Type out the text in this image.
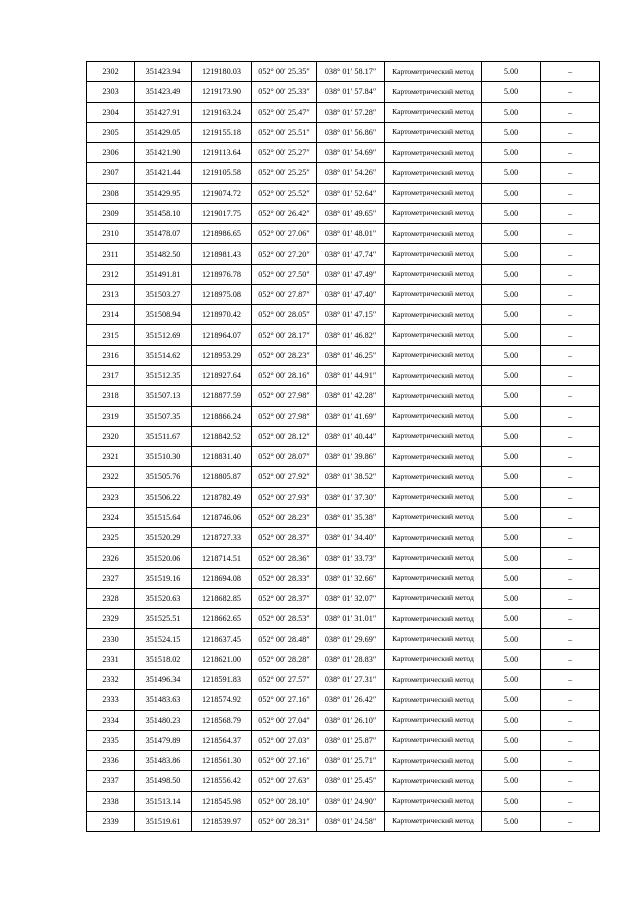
2302	351423.94	1219180.03	052° 00′ 25.35″	038° 01′ 58.17″	Картометрический метод	5.00	–
2303	351423.49	1219173.90	052° 00′ 25.33″	038° 01′ 57.84″	Картометрический метод	5.00	–
2304	351427.91	1219163.24	052° 00′ 25.47″	038° 01′ 57.28″	Картометрический метод	5.00	–
2305	351429.05	1219155.18	052° 00′ 25.51″	038° 01′ 56.86″	Картометрический метод	5.00	–
2306	351421.90	1219113.64	052° 00′ 25.27″	038° 01′ 54.69″	Картометрический метод	5.00	–
2307	351421.44	1219105.58	052° 00′ 25.25″	038° 01′ 54.26″	Картометрический метод	5.00	–
2308	351429.95	1219074.72	052° 00′ 25.52″	038° 01′ 52.64″	Картометрический метод	5.00	–
2309	351458.10	1219017.75	052° 00′ 26.42″	038° 01′ 49.65″	Картометрический метод	5.00	–
2310	351478.07	1218986.65	052° 00′ 27.06″	038° 01′ 48.01″	Картометрический метод	5.00	–
2311	351482.50	1218981.43	052° 00′ 27.20″	038° 01′ 47.74″	Картометрический метод	5.00	–
2312	351491.81	1218976.78	052° 00′ 27.50″	038° 01′ 47.49″	Картометрический метод	5.00	–
2313	351503.27	1218975.08	052° 00′ 27.87″	038° 01′ 47.40″	Картометрический метод	5.00	–
2314	351508.94	1218970.42	052° 00′ 28.05″	038° 01′ 47.15″	Картометрический метод	5.00	–
2315	351512.69	1218964.07	052° 00′ 28.17″	038° 01′ 46.82″	Картометрический метод	5.00	–
2316	351514.62	1218953.29	052° 00′ 28.23″	038° 01′ 46.25″	Картометрический метод	5.00	–
2317	351512.35	1218927.64	052° 00′ 28.16″	038° 01′ 44.91″	Картометрический метод	5.00	–
2318	351507.13	1218877.59	052° 00′ 27.98″	038° 01′ 42.28″	Картометрический метод	5.00	–
2319	351507.35	1218866.24	052° 00′ 27.98″	038° 01′ 41.69″	Картометрический метод	5.00	–
2320	351511.67	1218842.52	052° 00′ 28.12″	038° 01′ 40.44″	Картометрический метод	5.00	–
2321	351510.30	1218831.40	052° 00′ 28.07″	038° 01′ 39.86″	Картометрический метод	5.00	–
2322	351505.76	1218805.87	052° 00′ 27.92″	038° 01′ 38.52″	Картометрический метод	5.00	–
2323	351506.22	1218782.49	052° 00′ 27.93″	038° 01′ 37.30″	Картометрический метод	5.00	–
2324	351515.64	1218746.06	052° 00′ 28.23″	038° 01′ 35.38″	Картометрический метод	5.00	–
2325	351520.29	1218727.33	052° 00′ 28.37″	038° 01′ 34.40″	Картометрический метод	5.00	–
2326	351520.06	1218714.51	052° 00′ 28.36″	038° 01′ 33.73″	Картометрический метод	5.00	–
2327	351519.16	1218694.08	052° 00′ 28.33″	038° 01′ 32.66″	Картометрический метод	5.00	–
2328	351520.63	1218682.85	052° 00′ 28.37″	038° 01′ 32.07″	Картометрический метод	5.00	–
2329	351525.51	1218662.65	052° 00′ 28.53″	038° 01′ 31.01″	Картометрический метод	5.00	–
2330	351524.15	1218637.45	052° 00′ 28.48″	038° 01′ 29.69″	Картометрический метод	5.00	–
2331	351518.02	1218621.00	052° 00′ 28.28″	038° 01′ 28.83″	Картометрический метод	5.00	–
2332	351496.34	1218591.83	052° 00′ 27.57″	038° 01′ 27.31″	Картометрический метод	5.00	–
2333	351483.63	1218574.92	052° 00′ 27.16″	038° 01′ 26.42″	Картометрический метод	5.00	–
2334	351480.23	1218568.79	052° 00′ 27.04″	038° 01′ 26.10″	Картометрический метод	5.00	–
2335	351479.89	1218564.37	052° 00′ 27.03″	038° 01′ 25.87″	Картометрический метод	5.00	–
2336	351483.86	1218561.30	052° 00′ 27.16″	038° 01′ 25.71″	Картометрический метод	5.00	–
2337	351498.50	1218556.42	052° 00′ 27.63″	038° 01′ 25.45″	Картометрический метод	5.00	–
2338	351513.14	1218545.98	052° 00′ 28.10″	038° 01′ 24.90″	Картометрический метод	5.00	–
2339	351519.61	1218539.97	052° 00′ 28.31″	038° 01′ 24.58″	Картометрический метод	5.00	–
